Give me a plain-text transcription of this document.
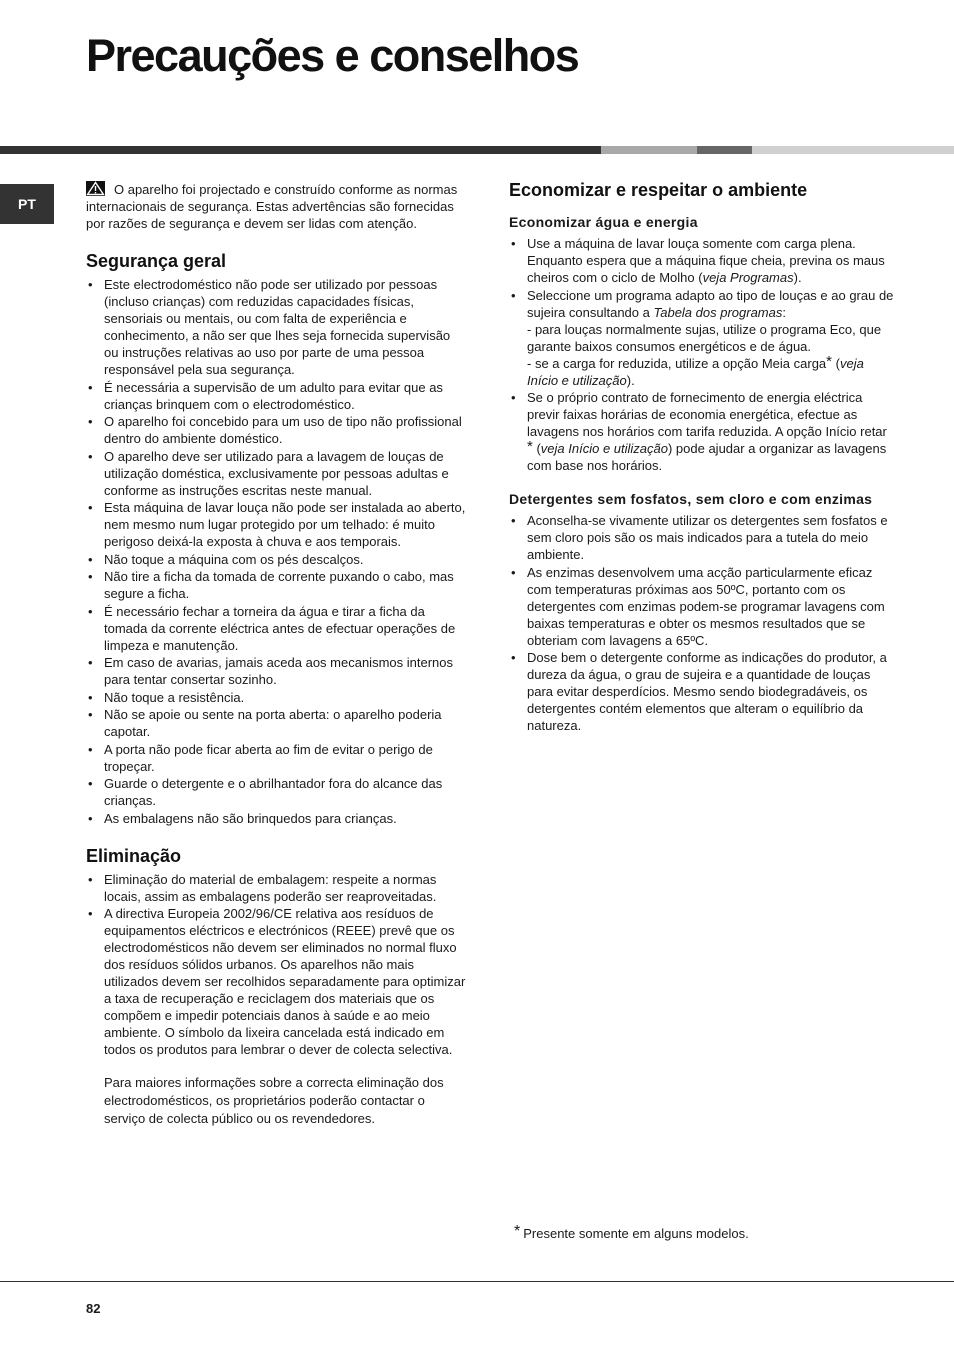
Precauções e conselhos
PT

O aparelho foi projectado e construído conforme as normas internacionais de segurança. Estas advertências são fornecidas por razões de segurança e devem ser lidas com atenção.

Segurança geral
• Este electrodoméstico não pode ser utilizado por pessoas (incluso crianças) com reduzidas capacidades físicas, sensoriais ou mentais, ou com falta de experiência e conhecimento, a não ser que lhes seja fornecida supervisão ou instruções relativas ao uso por parte de uma pessoa responsável pela sua segurança.
• É necessária a supervisão de um adulto para evitar que as crianças brinquem com o electrodoméstico.
• O aparelho foi concebido para um uso de tipo não profissional dentro do ambiente doméstico.
• O aparelho deve ser utilizado para a lavagem de louças de utilização doméstica, exclusivamente por pessoas adultas e conforme as instruções escritas neste manual.
• Esta máquina de lavar louça não pode ser instalada ao aberto, nem mesmo num lugar protegido por um telhado: é muito perigoso deixá-la exposta à chuva e aos temporais.
• Não toque a máquina com os pés descalços.
• Não tire a ficha da tomada de corrente puxando o cabo, mas segure a ficha.
• É necessário fechar a torneira da água e tirar a ficha da tomada da corrente eléctrica antes de efectuar operações de limpeza e manutenção.
• Em caso de avarias, jamais aceda aos mecanismos internos para tentar consertar sozinho.
• Não toque a resistência.
• Não se apoie ou sente na porta aberta: o aparelho poderia capotar.
• A porta não pode ficar aberta ao fim de evitar o perigo de tropeçar.
• Guarde o detergente e o abrilhantador fora do alcance das crianças.
• As embalagens não são brinquedos para crianças.
Eliminação
• Eliminação do material de embalagem: respeite a normas locais, assim as embalagens poderão ser reaproveitadas.
• A directiva Europeia 2002/96/CE relativa aos resíduos de equipamentos eléctricos e electrónicos (REEE) prevê que os electrodomésticos não devem ser eliminados no normal fluxo dos resíduos sólidos urbanos. Os aparelhos não mais utilizados devem ser recolhidos separadamente para optimizar a taxa de recuperação e reciclagem dos materiais que os compõem e impedir potenciais danos à saúde e ao meio ambiente. O símbolo da lixeira cancelada está indicado em todos os produtos para lembrar o dever de colecta selectiva.

Para maiores informações sobre a correcta eliminação dos electrodomésticos, os proprietários poderão contactar o serviço de colecta público ou os revendedores.

Economizar e respeitar o ambiente
Economizar água e energia
• Use a máquina de lavar louça somente com carga plena. Enquanto espera que a máquina fique cheia, previna os maus cheiros com o ciclo de Molho (veja Programas).
• Seleccione um programa adapto ao tipo de louças e ao grau de sujeira consultando a Tabela dos programas:
- para louças normalmente sujas, utilize o programa Eco, que garante baixos consumos energéticos e de água.
- se a carga for reduzida, utilize a opção Meia carga* (veja Início e utilização).
• Se o próprio contrato de fornecimento de energia eléctrica previr faixas horárias de economia energética, efectue as lavagens nos horários com tarifa reduzida. A opção Início retar * (veja Início e utilização) pode ajudar a organizar as lavagens com base nos horários.
Detergentes sem fosfatos, sem cloro e com enzimas
• Aconselha-se vivamente utilizar os detergentes sem fosfatos e sem cloro pois são os mais indicados para a tutela do meio ambiente.
• As enzimas desenvolvem uma acção particularmente eficaz com temperaturas próximas aos 50ºC, portanto com os detergentes com enzimas podem-se programar lavagens com baixas temperaturas e obter os mesmos resultados que se obteriam com lavagens a 65ºC.
• Dose bem o detergente conforme as indicações do produtor, a dureza da água, o grau de sujeira e a quantidade de louças para evitar desperdícios. Mesmo sendo biodegradáveis, os detergentes contém elementos que alteram o equilíbrio da natureza.
* Presente somente em alguns modelos.
82
